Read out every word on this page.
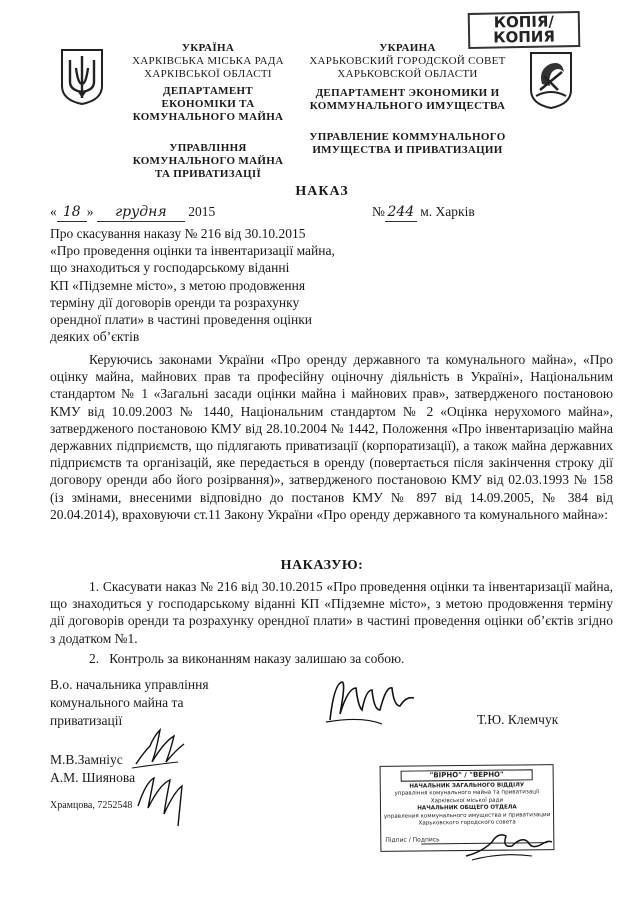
УКРАЇНА
ХАРКІВСЬКА МІСЬКА РАДА
ХАРКІВСЬКОЇ ОБЛАСТІ
ДЕПАРТАМЕНТ
ЕКОНОМІКИ ТА
КОМУНАЛЬНОГО МАЙНА
УПРАВЛІННЯ
КОМУНАЛЬНОГО МАЙНА
ТА ПРИВАТИЗАЦІЇ
УКРАИНА
ХАРЬКОВСКИЙ ГОРОДСКОЙ СОВЕТ
ХАРЬКОВСКОЙ ОБЛАСТИ
ДЕПАРТАМЕНТ ЭКОНОМИКИ И
КОММУНАЛЬНОГО ИМУЩЕСТВА
УПРАВЛЕНИЕ КОММУНАЛЬНОГО
ИМУЩЕСТВА И ПРИВАТИЗАЦИИ
КОПІЯ/
КОПИЯ
НАКАЗ
« 18 » грудня 2015	№ 244 м. Харків
Про скасування наказу № 216 від 30.10.2015
«Про проведення оцінки та інвентаризації майна,
що знаходиться у господарському віданні
КП «Підземне місто», з метою продовження
терміну дії договорів оренди та розрахунку
орендної плати» в частині проведення оцінки
деяких об’єктів
Керуючись законами України «Про оренду державного та комунального майна», «Про оцінку майна, майнових прав та професійну оціночну діяльність в Україні», Національним стандартом № 1 «Загальні засади оцінки майна і майнових прав», затвердженого постановою КМУ від 10.09.2003 № 1440, Національним стандартом № 2 «Оцінка нерухомого майна», затвердженого постановою КМУ від 28.10.2004 № 1442, Положення «Про інвентаризацію майна державних підприємств, що підлягають приватизації (корпоратизації), а також майна державних підприємств та організацій, яке передається в оренду (повертається після закінчення строку дії договору оренди або його розірвання)», затвердженого постановою КМУ від 02.03.1993 № 158 (із змінами, внесеними відповідно до постанов КМУ № 897 від 14.09.2005, № 384 від 20.04.2014), враховуючи ст.11 Закону України «Про оренду державного та комунального майна»:
НАКАЗУЮ:
1. Скасувати наказ № 216 від 30.10.2015 «Про проведення оцінки та інвентаризації майна, що знаходиться у господарському віданні КП «Підземне місто», з метою продовження терміну дії договорів оренди та розрахунку орендної плати» в частині проведення оцінки об’єктів згідно з додатком №1.
2.   Контроль за виконанням наказу залишаю за собою.
В.о. начальника управління
комунального майна та
приватизації	Т.Ю. Клемчук
М.В.Замніус
А.М. Шиянова
Храмцова, 7252548
"ВІРНО" / "ВЕРНО"
НАЧАЛЬНИК ЗАГАЛЬНОГО ВІДДІЛУ
управління комунального майна та приватизації
Харківської міської ради
НАЧАЛЬНИК ОБЩЕГО ОТДЕЛА
управления коммунального имущества и приватизации
Харьковского городского совета
Підпис / Подпись
